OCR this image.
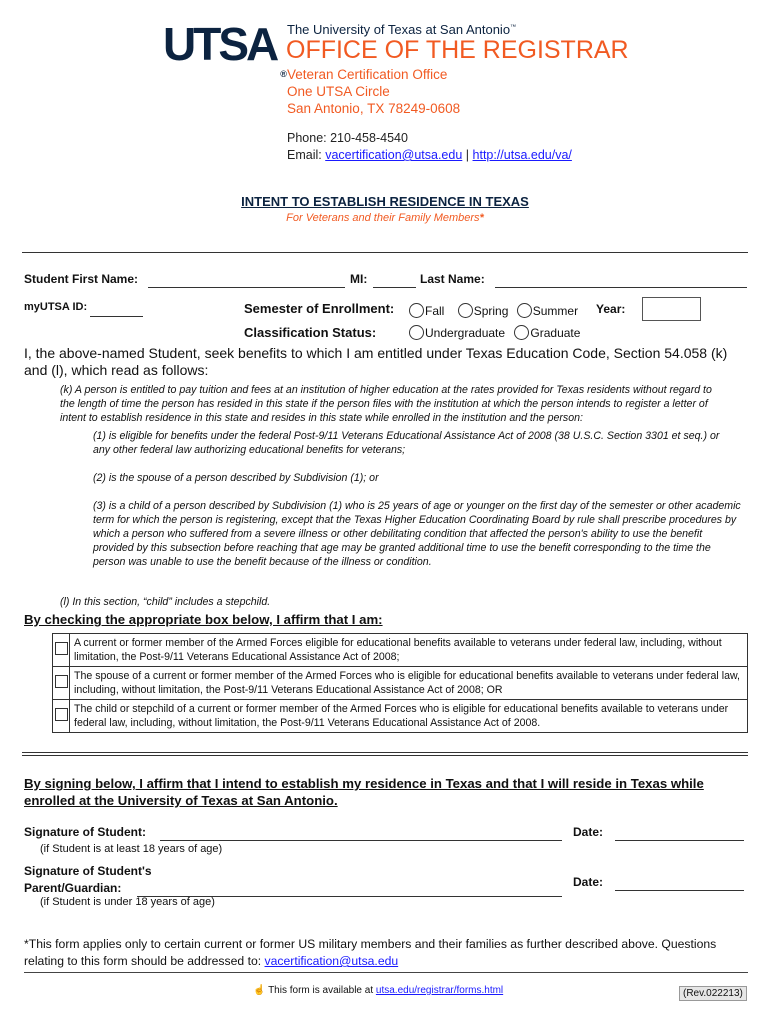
UTSA®
The University of Texas at San Antonio™
OFFICE OF THE REGISTRAR
Veteran Certification Office
One UTSA Circle
San Antonio, TX 78249-0608
Phone: 210-458-4540
Email: vacertification@utsa.edu | http://utsa.edu/va/
INTENT TO ESTABLISH RESIDENCE IN TEXAS
For Veterans and their Family Members*
Student First Name:	MI:	Last Name:
myUTSA ID:	Semester of Enrollment:	Fall Spring Summer Year:
Classification Status:	Undergraduate Graduate
I, the above-named Student, seek benefits to which I am entitled under Texas Education Code, Section 54.058 (k) and (l), which read as follows:
(k) A person is entitled to pay tuition and fees at an institution of higher education at the rates provided for Texas residents without regard to the length of time the person has resided in this state if the person files with the institution at which the person intends to register a letter of intent to establish residence in this state and resides in this state while enrolled in the institution and the person:
(1) is eligible for benefits under the federal Post-9/11 Veterans Educational Assistance Act of 2008 (38 U.S.C. Section 3301 et seq.) or any other federal law authorizing educational benefits for veterans;
(2) is the spouse of a person described by Subdivision (1); or
(3) is a child of a person described by Subdivision (1) who is 25 years of age or younger on the first day of the semester or other academic term for which the person is registering, except that the Texas Higher Education Coordinating Board by rule shall prescribe procedures by which a person who suffered from a severe illness or other debilitating condition that affected the person's ability to use the benefit provided by this subsection before reaching that age may be granted additional time to use the benefit corresponding to the time the person was unable to use the benefit because of the illness or condition.
(l) In this section, “child” includes a stepchild.
By checking the appropriate box below, I affirm that I am:
	A current or former member of the Armed Forces eligible for educational benefits available to veterans under federal law, including, without limitation, the Post-9/11 Veterans Educational Assistance Act of 2008;
	The spouse of a current or former member of the Armed Forces who is eligible for educational benefits available to veterans under federal law, including, without limitation, the Post-9/11 Veterans Educational Assistance Act of 2008; OR
	The child or stepchild of a current or former member of the Armed Forces who is eligible for educational benefits available to veterans under federal law, including, without limitation, the Post-9/11 Veterans Educational Assistance Act of 2008.
By signing below, I affirm that I intend to establish my residence in Texas and that I will reside in Texas while enrolled at the University of Texas at San Antonio.
Signature of Student:
(if Student is at least 18 years of age)
Date:
Signature of Student's
Parent/Guardian:	Date:
(if Student is under 18 years of age)
*This form applies only to certain current or former US military members and their families as further described above. Questions relating to this form should be addressed to: vacertification@utsa.edu
☝ This form is available at utsa.edu/registrar/forms.html	(Rev.022213)
